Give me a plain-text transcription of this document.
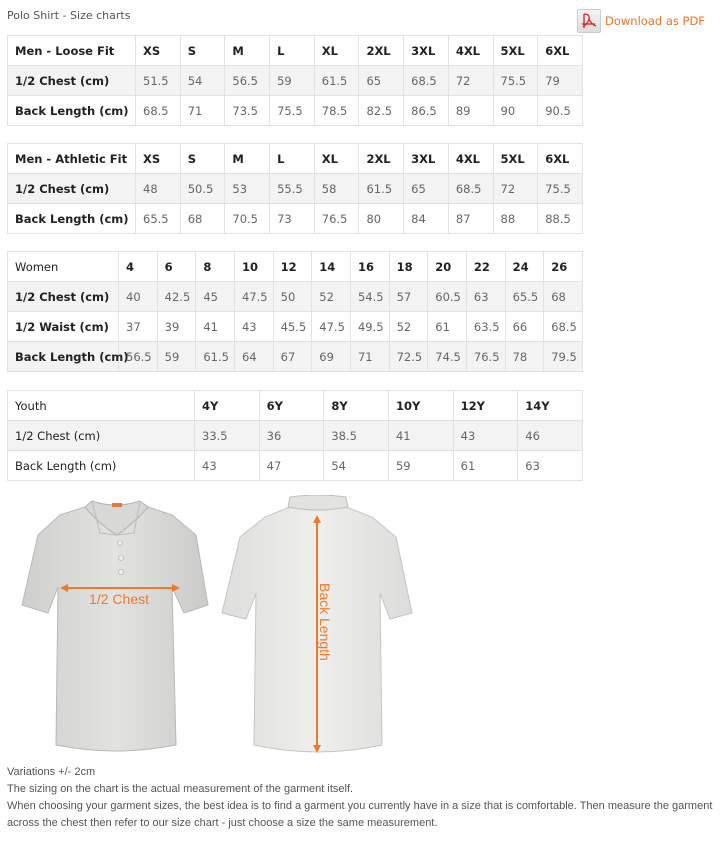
Polo Shirt - Size charts	Download as PDF
Men - Loose Fit	XS	S	M	L	XL	2XL	3XL	4XL	5XL	6XL
1/2 Chest (cm)	51.5	54	56.5	59	61.5	65	68.5	72	75.5	79
Back Length (cm)	68.5	71	73.5	75.5	78.5	82.5	86.5	89	90	90.5
Men - Athletic Fit	XS	S	M	L	XL	2XL	3XL	4XL	5XL	6XL
1/2 Chest (cm)	48	50.5	53	55.5	58	61.5	65	68.5	72	75.5
Back Length (cm)	65.5	68	70.5	73	76.5	80	84	87	88	88.5
Women	4	6	8	10	12	14	16	18	20	22	24	26
1/2 Chest (cm)	40	42.5	45	47.5	50	52	54.5	57	60.5	63	65.5	68
1/2 Waist (cm)	37	39	41	43	45.5	47.5	49.5	52	61	63.5	66	68.5
Back Length (cm)	56.5	59	61.5	64	67	69	71	72.5	74.5	76.5	78	79.5
Youth	4Y	6Y	8Y	10Y	12Y	14Y
1/2 Chest (cm)	33.5	36	38.5	41	43	46
Back Length (cm)	43	47	54	59	61	63
1/2 Chest	Back Length
Variations +/- 2cm
The sizing on the chart is the actual measurement of the garment itself.
When choosing your garment sizes, the best idea is to find a garment you currently have in a size that is comfortable. Then measure the garment across the chest then refer to our size chart - just choose a size the same measurement.
